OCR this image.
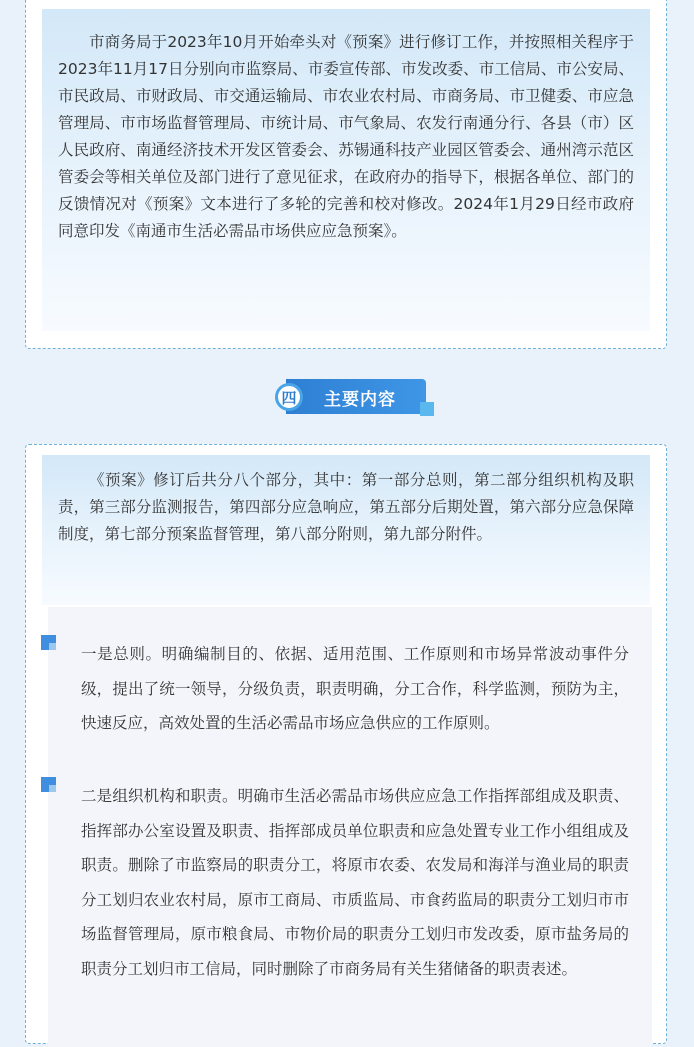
市商务局于2023年10月开始牵头对《预案》进行修订工作，并按照相关程序于2023年11月17日分别向市监察局、市委宣传部、市发改委、市工信局、市公安局、市民政局、市财政局、市交通运输局、市农业农村局、市商务局、市卫健委、市应急管理局、市市场监督管理局、市统计局、市气象局、农发行南通分行、各县（市）区人民政府、南通经济技术开发区管委会、苏锡通科技产业园区管委会、通州湾示范区管委会等相关单位及部门进行了意见征求，在政府办的指导下，根据各单位、部门的反馈情况对《预案》文本进行了多轮的完善和校对修改。2024年1月29日经市政府同意印发《南通市生活必需品市场供应应急预案》。

四	主要内容

《预案》修订后共分八个部分，其中：第一部分总则，第二部分组织机构及职责，第三部分监测报告，第四部分应急响应，第五部分后期处置，第六部分应急保障制度，第七部分预案监督管理，第八部分附则，第九部分附件。

一是总则。明确编制目的、依据、适用范围、工作原则和市场异常波动事件分级，提出了统一领导，分级负责，职责明确，分工合作，科学监测，预防为主，快速反应，高效处置的生活必需品市场应急供应的工作原则。

二是组织机构和职责。明确市生活必需品市场供应应急工作指挥部组成及职责、指挥部办公室设置及职责、指挥部成员单位职责和应急处置专业工作小组组成及职责。删除了市监察局的职责分工，将原市农委、农发局和海洋与渔业局的职责分工划归农业农村局，原市工商局、市质监局、市食药监局的职责分工划归市市场监督管理局，原市粮食局、市物价局的职责分工划归市发改委，原市盐务局的职责分工划归市工信局，同时删除了市商务局有关生猪储备的职责表述。
